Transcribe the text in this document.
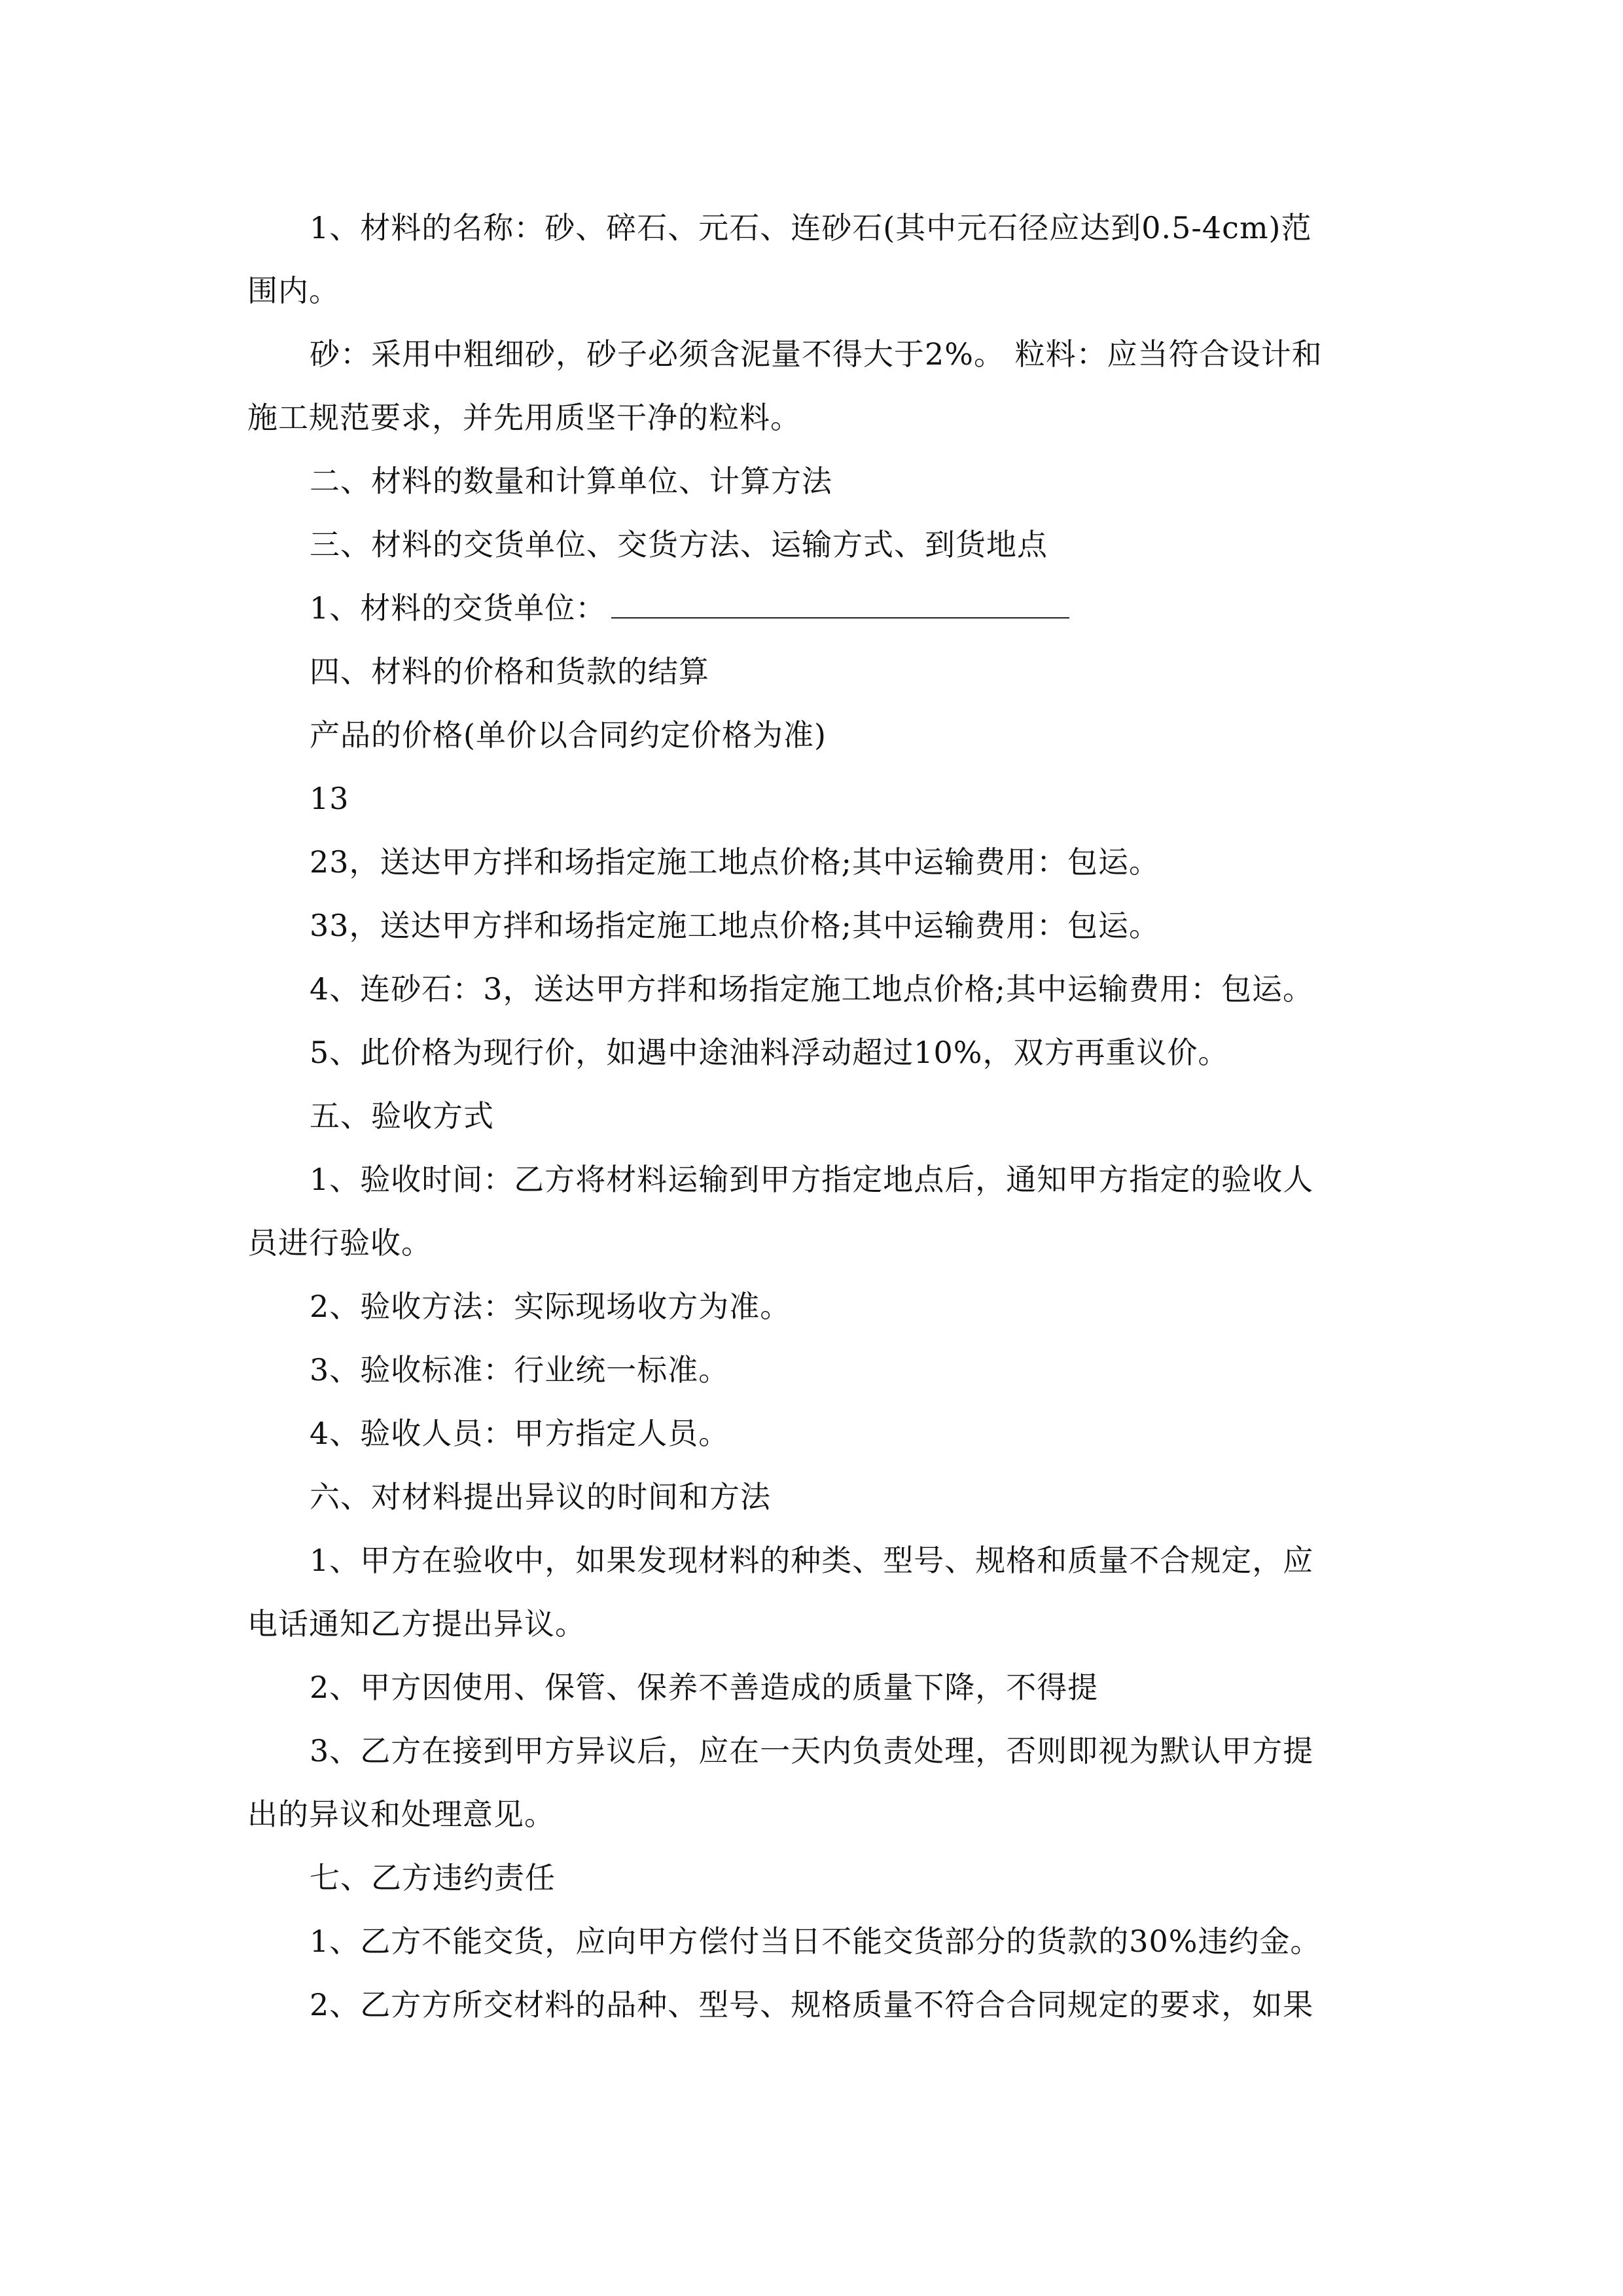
1、材料的名称：砂、碎石、元石、连砂石(其中元石径应达到0.5-4cm)范
围内。
砂：采用中粗细砂，砂子必须含泥量不得大于2%。 粒料：应当符合设计和
施工规范要求，并先用质坚干净的粒料。
二、材料的数量和计算单位、计算方法
三、材料的交货单位、交货方法、运输方式、到货地点
1、材料的交货单位：
四、材料的价格和货款的结算
产品的价格(单价以合同约定价格为准)
13
23，送达甲方拌和场指定施工地点价格;其中运输费用：包运。
33，送达甲方拌和场指定施工地点价格;其中运输费用：包运。
4、连砂石：3，送达甲方拌和场指定施工地点价格;其中运输费用：包运。
5、此价格为现行价，如遇中途油料浮动超过10%，双方再重议价。
五、验收方式
1、验收时间：乙方将材料运输到甲方指定地点后，通知甲方指定的验收人
员进行验收。
2、验收方法：实际现场收方为准。
3、验收标准：行业统一标准。
4、验收人员：甲方指定人员。
六、对材料提出异议的时间和方法
1、甲方在验收中，如果发现材料的种类、型号、规格和质量不合规定，应
电话通知乙方提出异议。
2、甲方因使用、保管、保养不善造成的质量下降，不得提
3、乙方在接到甲方异议后，应在一天内负责处理，否则即视为默认甲方提
出的异议和处理意见。
七、乙方违约责任
1、乙方不能交货，应向甲方偿付当日不能交货部分的货款的30%违约金。
2、乙方方所交材料的品种、型号、规格质量不符合合同规定的要求，如果
